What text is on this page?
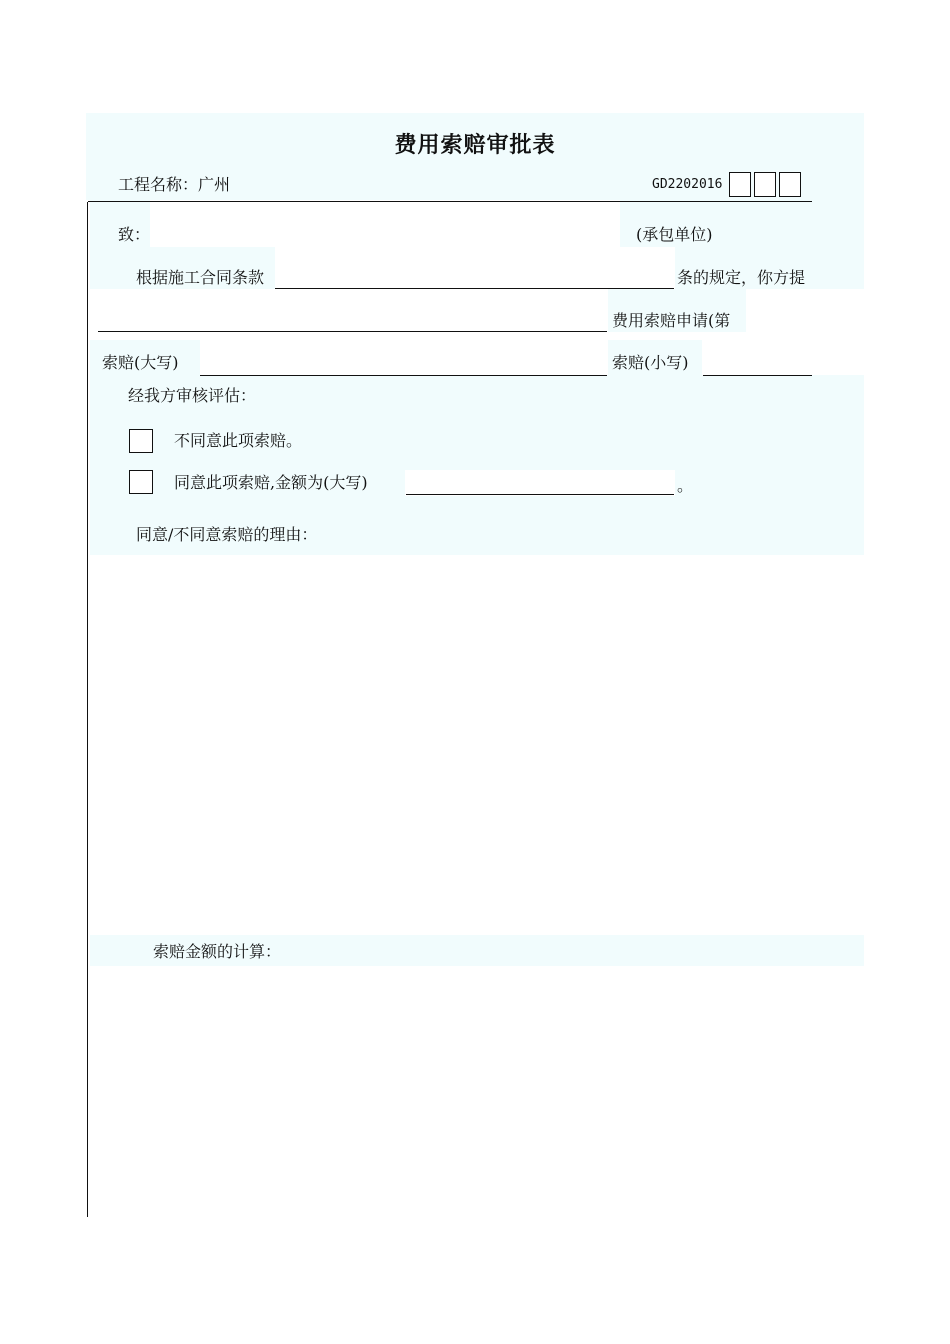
费用索赔审批表
工程名称：广州	GD2202016
致：	(承包单位)
根据施工合同条款	条的规定，你方提
费用索赔申请(第
索赔(大写)	索赔(小写)
经我方审核评估：
不同意此项索赔。
同意此项索赔,金额为(大写)	。
同意/不同意索赔的理由：
索赔金额的计算：
